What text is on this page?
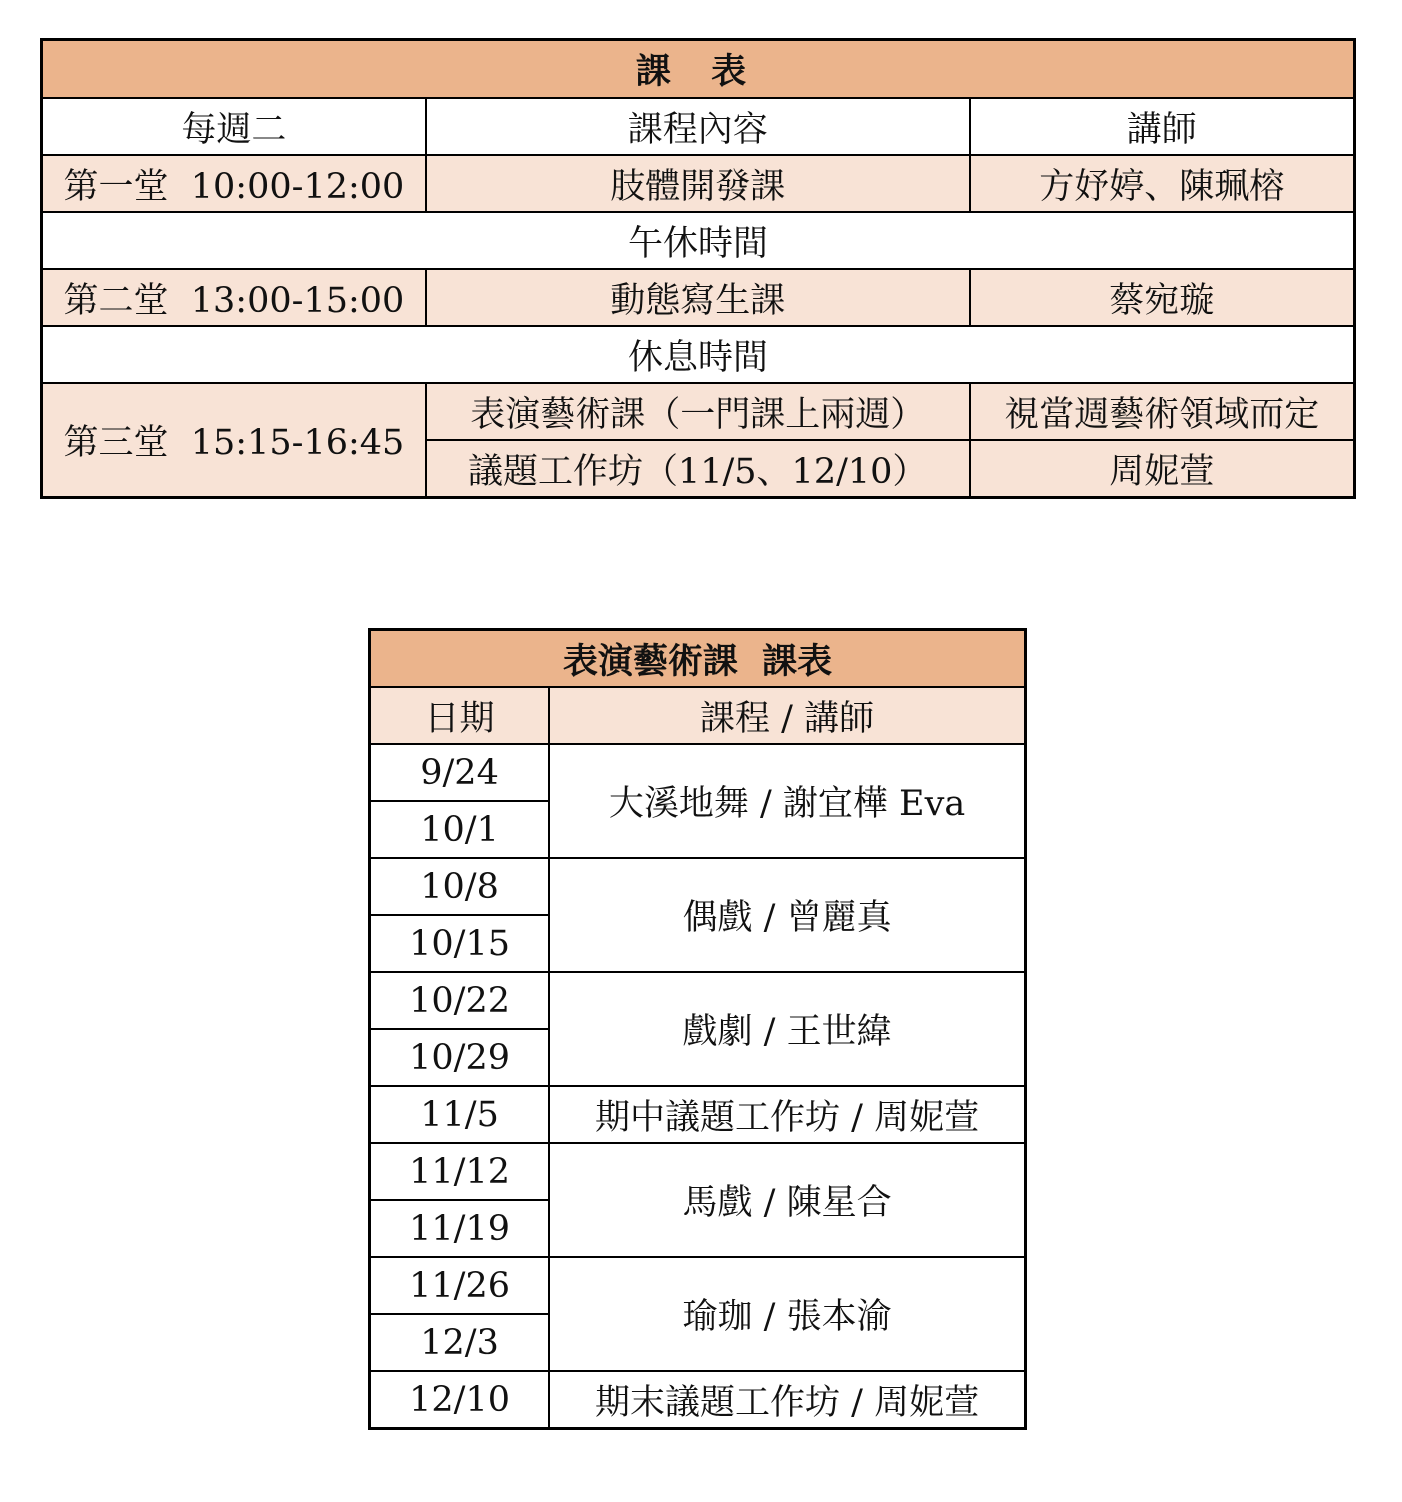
課 表		
每週二	課程內容	講師
第一堂  10:00-12:00	肢體開發課	方妤婷、陳珮榕
午休時間		
第二堂  13:00-15:00	動態寫生課	蔡宛璇
休息時間		
第三堂  15:15-16:45	表演藝術課（一門課上兩週）	視當週藝術領域而定
	議題工作坊（11/5、12/10）	周妮萱
表演藝術課  課表	
日期	課程 / 講師
9/24	大溪地舞 / 謝宜樺 Eva
10/1	
10/8	偶戲 / 曾麗真
10/15	
10/22	戲劇 / 王世緯
10/29	
11/5	期中議題工作坊 / 周妮萱
11/12	馬戲 / 陳星合
11/19	
11/26	瑜珈 / 張本渝
12/3	
12/10	期末議題工作坊 / 周妮萱
